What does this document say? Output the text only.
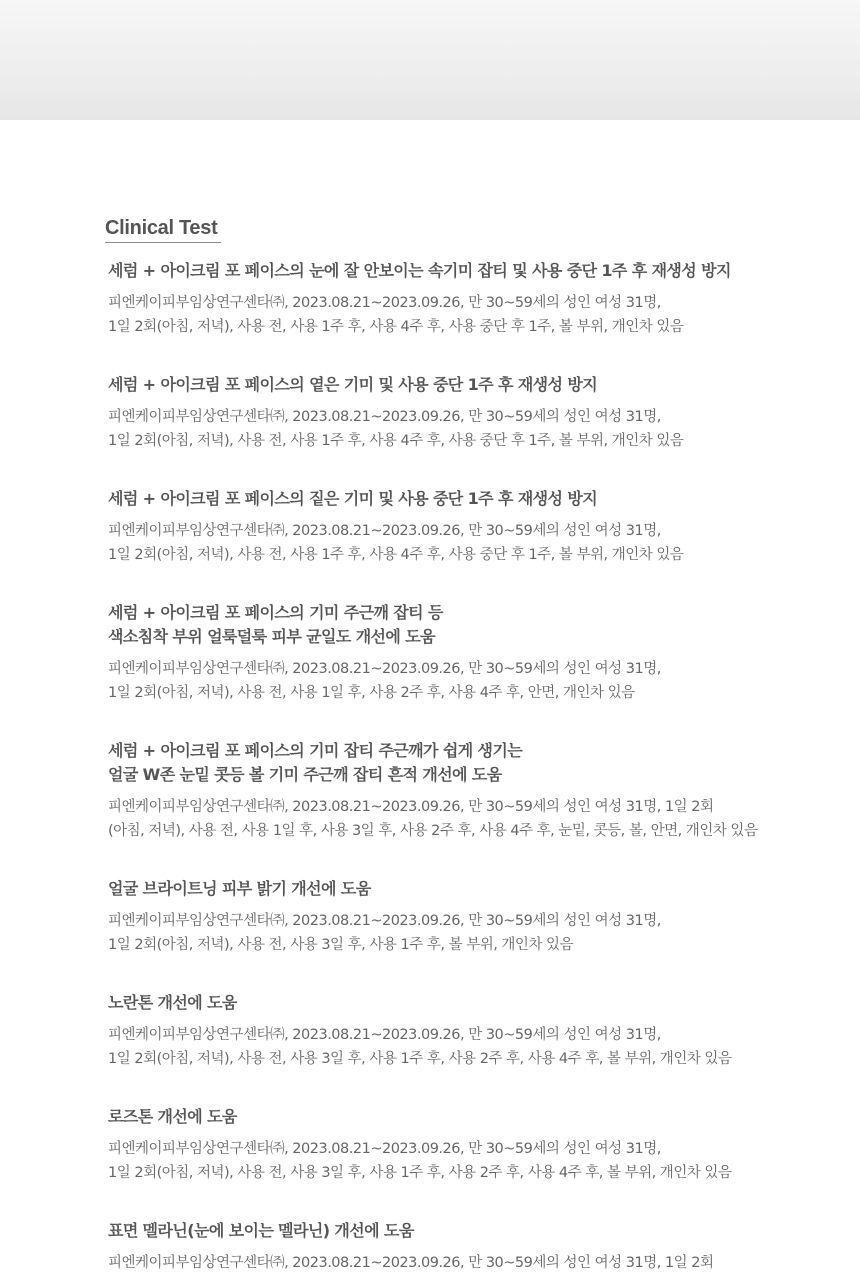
Clinical Test

세럼 + 아이크림 포 페이스의 눈에 잘 안보이는 속기미 잡티 및 사용 중단 1주 후 재생성 방지

피엔케이피부임상연구센타㈜, 2023.08.21~2023.09.26, 만 30~59세의 성인 여성 31명,
1일 2회(아침, 저녁), 사용 전, 사용 1주 후, 사용 4주 후, 사용 중단 후 1주, 볼 부위, 개인차 있음

세럼 + 아이크림 포 페이스의 옅은 기미 및 사용 중단 1주 후 재생성 방지

피엔케이피부임상연구센타㈜, 2023.08.21~2023.09.26, 만 30~59세의 성인 여성 31명,
1일 2회(아침, 저녁), 사용 전, 사용 1주 후, 사용 4주 후, 사용 중단 후 1주, 볼 부위, 개인차 있음

세럼 + 아이크림 포 페이스의 짙은 기미 및 사용 중단 1주 후 재생성 방지

피엔케이피부임상연구센타㈜, 2023.08.21~2023.09.26, 만 30~59세의 성인 여성 31명,
1일 2회(아침, 저녁), 사용 전, 사용 1주 후, 사용 4주 후, 사용 중단 후 1주, 볼 부위, 개인차 있음

세럼 + 아이크림 포 페이스의 기미 주근깨 잡티 등
색소침착 부위 얼룩덜룩 피부 균일도 개선에 도움

피엔케이피부임상연구센타㈜, 2023.08.21~2023.09.26, 만 30~59세의 성인 여성 31명,
1일 2회(아침, 저녁), 사용 전, 사용 1일 후, 사용 2주 후, 사용 4주 후, 안면, 개인차 있음

세럼 + 아이크림 포 페이스의 기미 잡티 주근깨가 쉽게 생기는
얼굴 W존 눈밑 콧등 볼 기미 주근깨 잡티 흔적 개선에 도움

피엔케이피부임상연구센타㈜, 2023.08.21~2023.09.26, 만 30~59세의 성인 여성 31명, 1일 2회
(아침, 저녁), 사용 전, 사용 1일 후, 사용 3일 후, 사용 2주 후, 사용 4주 후, 눈밑, 콧등, 볼, 안면, 개인차 있음

얼굴 브라이트닝 피부 밝기 개선에 도움

피엔케이피부임상연구센타㈜, 2023.08.21~2023.09.26, 만 30~59세의 성인 여성 31명,
1일 2회(아침, 저녁), 사용 전, 사용 3일 후, 사용 1주 후, 볼 부위, 개인차 있음

노란톤 개선에 도움

피엔케이피부임상연구센타㈜, 2023.08.21~2023.09.26, 만 30~59세의 성인 여성 31명,
1일 2회(아침, 저녁), 사용 전, 사용 3일 후, 사용 1주 후, 사용 2주 후, 사용 4주 후, 볼 부위, 개인차 있음

로즈톤 개선에 도움

피엔케이피부임상연구센타㈜, 2023.08.21~2023.09.26, 만 30~59세의 성인 여성 31명,
1일 2회(아침, 저녁), 사용 전, 사용 3일 후, 사용 1주 후, 사용 2주 후, 사용 4주 후, 볼 부위, 개인차 있음

표면 멜라닌(눈에 보이는 멜라닌) 개선에 도움

피엔케이피부임상연구센타㈜, 2023.08.21~2023.09.26, 만 30~59세의 성인 여성 31명, 1일 2회
